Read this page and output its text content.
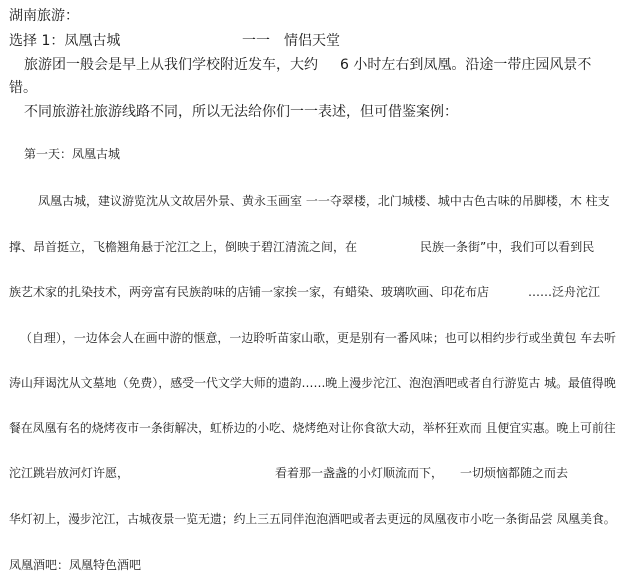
湖南旅游：
选择 1：凤凰古城	一一 情侣天堂
旅游团一般会是早上从我们学校附近发车，大约 6 小时左右到凤凰。沿途一带庄园风景不
错。
不同旅游社旅游线路不同，所以无法给你们一一表述，但可借鉴案例：
第一天：凤凰古城
凤凰古城，建议游览沈从文故居外景、黄永玉画室 一一夺翠楼，北门城楼、城中古色古味的吊脚楼，木 柱支
撑、昂首挺立，飞檐翘角悬于沱江之上，倒映于碧江清流之间，在	民族一条街”中，我们可以看到民
族艺术家的扎染技术，两旁富有民族韵味的店铺一家挨一家，有蜡染、玻璃吹画、印花布店	……泛舟沱江
（自理），一边体会人在画中游的惬意，一边聆听苗家山歌，更是别有一番风味；也可以相约步行或坐黄包 车去听
涛山拜谒沈从文墓地（免费），感受一代文学大师的遗韵……晚上漫步沱江、泡泡酒吧或者自行游览古 城。最值得晚
餐在凤凰有名的烧烤夜市一条街解决，虹桥边的小吃、烧烤绝对让你食欲大动，举杯狂欢而 且便宜实惠。晚上可前往
沱江跳岩放河灯许愿，	看着那一盏盏的小灯顺流而下， 一切烦恼都随之而去
华灯初上，漫步沱江，古城夜景一览无遗；约上三五同伴泡泡酒吧或者去更远的凤凰夜市小吃一条街品尝 凤凰美食。
凤凰酒吧：凤凰特色酒吧
